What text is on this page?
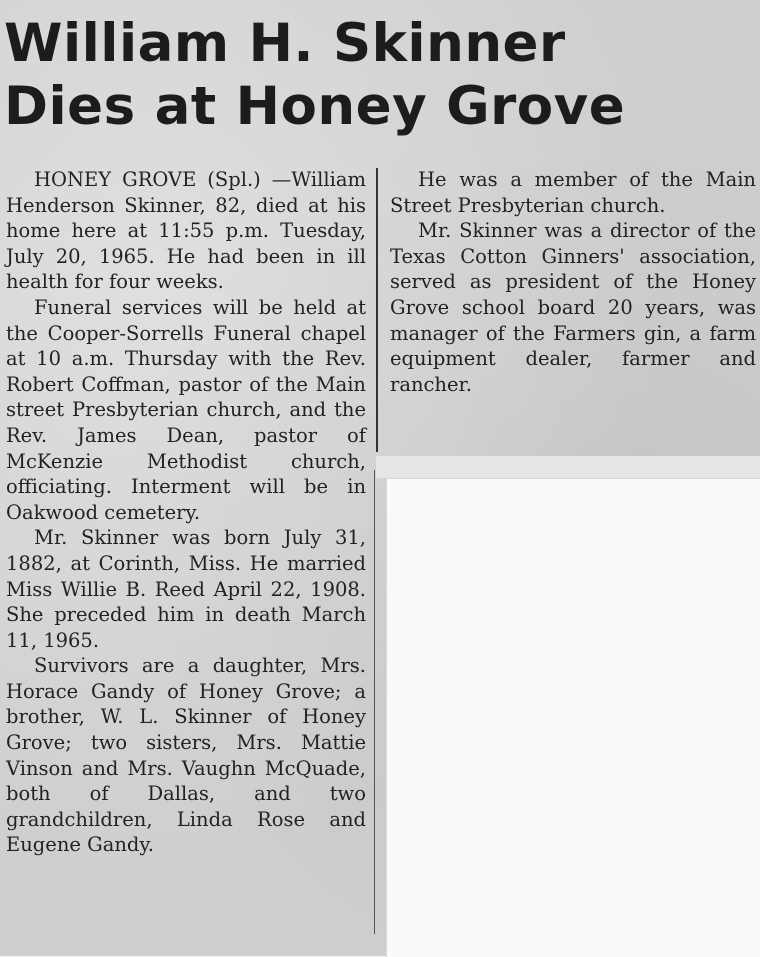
William H. Skinner
Dies at Honey Grove

HONEY GROVE (Spl.) —William Henderson Skinner, 82, died at his home here at 11:55 p.m. Tuesday, July 20, 1965. He had been in ill health for four weeks.

Funeral services will be held at the Cooper-Sorrells Funeral chapel at 10 a.m. Thursday with the Rev. Robert Coffman, pastor of the Main street Presbyterian church, and the Rev. James Dean, pastor of McKenzie Methodist church, officiating. Interment will be in Oakwood cemetery.

Mr. Skinner was born July 31, 1882, at Corinth, Miss. He married Miss Willie B. Reed April 22, 1908. She preceded him in death March 11, 1965.

Survivors are a daughter, Mrs. Horace Gandy of Honey Grove; a brother, W. L. Skinner of Honey Grove; two sisters, Mrs. Mattie Vinson and Mrs. Vaughn McQuade, both of Dallas, and two grandchildren, Linda Rose and Eugene Gandy.

He was a member of the Main Street Presbyterian church.

Mr. Skinner was a director of the Texas Cotton Ginners' association, served as president of the Honey Grove school board 20 years, was manager of the Farmers gin, a farm equipment dealer, farmer and rancher.
